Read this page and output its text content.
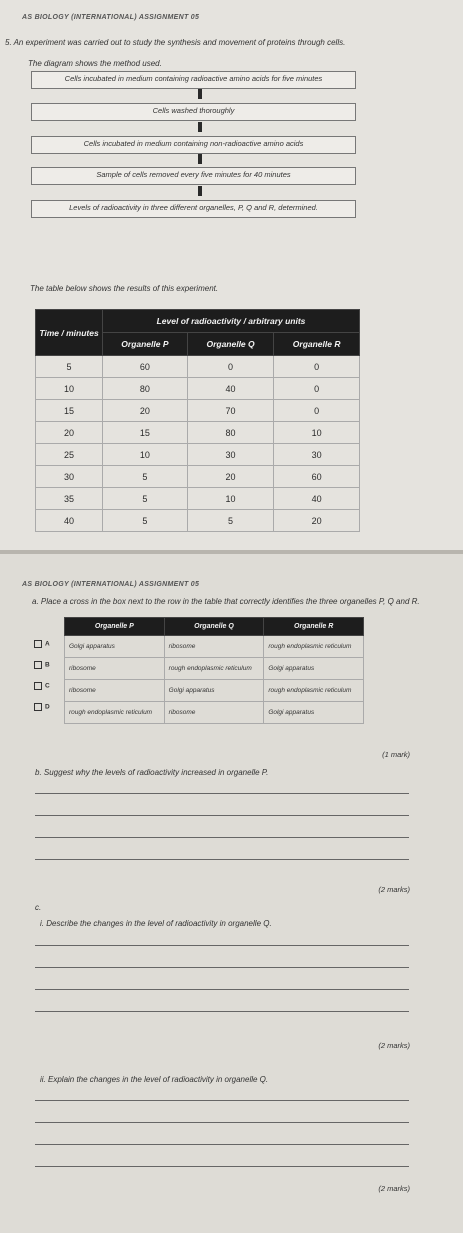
AS BIOLOGY (INTERNATIONAL) ASSIGNMENT 05
5. An experiment was carried out to study the synthesis and movement of proteins through cells.
The diagram shows the method used.
Cells incubated in medium containing radioactive amino acids for five minutes
Cells washed thoroughly
Cells incubated in medium containing non-radioactive amino acids
Sample of cells removed every five minutes for 40 minutes
Levels of radioactivity in three different organelles, P, Q and R, determined.
The table below shows the results of this experiment.
Time / minutes	Level of radioactivity / arbitrary units		
	Organelle P	Organelle Q	Organelle R
5	60	0	0
10	80	40	0
15	20	70	0
20	15	80	10
25	10	30	30
30	5	20	60
35	5	10	40
40	5	5	20
AS BIOLOGY (INTERNATIONAL) ASSIGNMENT 05
a. Place a cross in the box next to the row in the table that correctly identifies the three organelles P, Q and R.
Organelle P	Organelle Q	Organelle R
Golgi apparatus	ribosome	rough endoplasmic reticulum
ribosome	rough endoplasmic reticulum	Golgi apparatus
ribosome	Golgi apparatus	rough endoplasmic reticulum
rough endoplasmic reticulum	ribosome	Golgi apparatus
A
B
C
D
(1 mark)
b. Suggest why the levels of radioactivity increased in organelle P.
(2 marks)
c.
i. Describe the changes in the level of radioactivity in organelle Q.
(2 marks)
ii. Explain the changes in the level of radioactivity in organelle Q.
(2 marks)
